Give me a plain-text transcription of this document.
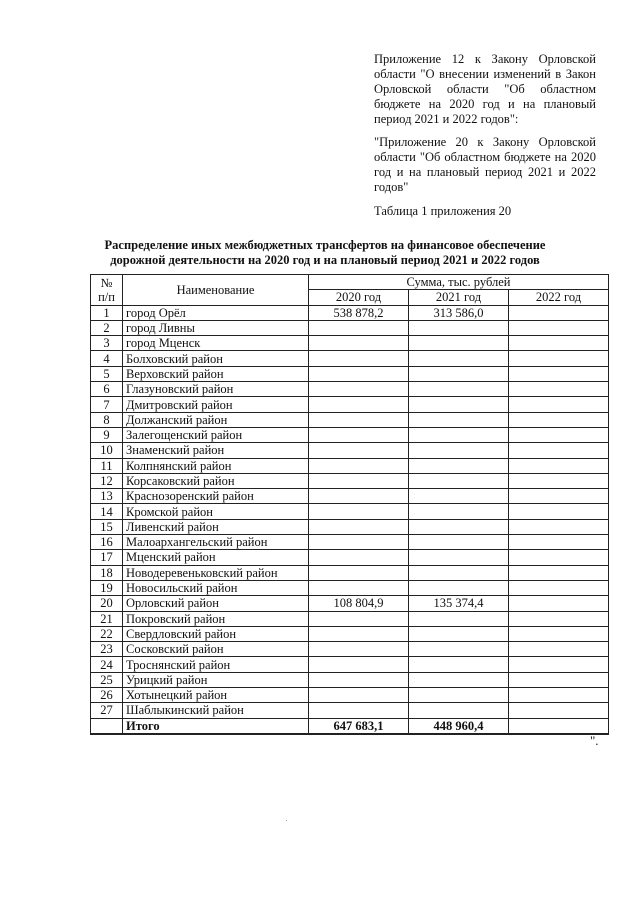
Приложение 12 к Закону Орловской области "О внесении изменений в Закон Орловской области "Об областном бюджете на 2020 год и на плановый период 2021 и 2022 годов":

"Приложение 20 к Закону Орловской области "Об областном бюджете на 2020 год и на плановый период 2021 и 2022 годов"

Таблица 1 приложения 20

Распределение иных межбюджетных трансфертов на финансовое обеспечение
дорожной деятельности на 2020 год и на плановый период 2021 и 2022 годов
№
п/п	Наименование	Сумма, тыс. рублей		
		2020 год	2021 год	2022 год
1	город Орёл	538 878,2	313 586,0	
2	город Ливны			
3	город Мценск			
4	Болховский район			
5	Верховский район			
6	Глазуновский район			
7	Дмитровский район			
8	Должанский район			
9	Залегощенский район			
10	Знаменский район			
11	Колпнянский район			
12	Корсаковский район			
13	Краснозоренский район			
14	Кромской район			
15	Ливенский район			
16	Малоархангельский район			
17	Мценский район			
18	Новодеревеньковский район			
19	Новосильский район			
20	Орловский район	108 804,9	135 374,4	
21	Покровский район			
22	Свердловский район			
23	Сосковский район			
24	Троснянский район			
25	Урицкий район			
26	Хотынецкий район			
27	Шаблыкинский район			
	Итого	647 683,1	448 960,4	
".
